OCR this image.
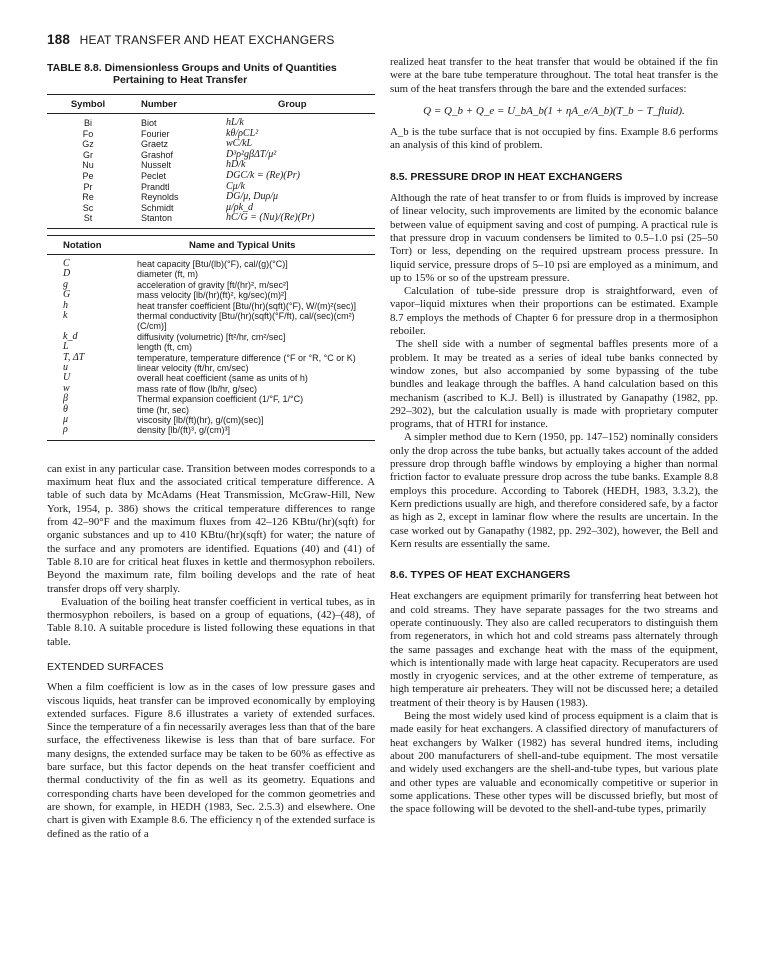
188 HEAT TRANSFER AND HEAT EXCHANGERS
TABLE 8.8. Dimensionless Groups and Units of Quantities
Pertaining to Heat Transfer
Symbol	Number	Group
Bi	Biot	hL/k
Fo	Fourier	kθ/ρCL²
Gz	Graetz	wC/kL
Gr	Grashof	D³ρ²gβΔT/μ²
Nu	Nusselt	hD/k
Pe	Peclet	DGC/k = (Re)(Pr)
Pr	Prandtl	Cμ/k
Re	Reynolds	DG/μ, Duρ/μ
Sc	Schmidt	μ/ρk_d
St	Stanton	hC/G = (Nu)/(Re)(Pr)
Notation	Name and Typical Units
C	heat capacity [Btu/(lb)(°F), cal/(g)(°C)]
D	diameter (ft, m)
g	acceleration of gravity [ft/(hr)², m/sec²]
G	mass velocity [lb/(hr)(ft)², kg/sec)(m)²]
h	heat transfer coefficient [Btu/(hr)(sqft)(°F), W/(m)²(sec)]
k	thermal conductivity [Btu/(hr)(sqft)(°F/ft), cal/(sec)(cm²)(C/cm)]
k_d	diffusivity (volumetric) [ft²/hr, cm²/sec]
L	length (ft, cm)
T, ΔT	temperature, temperature difference (°F or °R, °C or K)
u	linear velocity (ft/hr, cm/sec)
U	overall heat coefficient (same as units of h)
w	mass rate of flow (lb/hr, g/sec)
β	Thermal expansion coefficient (1/°F, 1/°C)
θ	time (hr, sec)
μ	viscosity [lb/(ft)(hr), g/(cm)(sec)]
ρ	density [lb/(ft)³, g/(cm)³]

can exist in any particular case. Transition between modes corresponds to a maximum heat flux and the associated critical temperature difference. A table of such data by McAdams (Heat Transmission, McGraw-Hill, New York, 1954, p. 386) shows the critical temperature differences to range from 42–90°F and the maximum fluxes from 42–126 KBtu/(hr)(sqft) for organic substances and up to 410 KBtu/(hr)(sqft) for water; the nature of the surface and any promoters are identified. Equations (40) and (41) of Table 8.10 are for critical heat fluxes in kettle and thermosyphon reboilers. Beyond the maximum rate, film boiling develops and the rate of heat transfer drops off very sharply.

Evaluation of the boiling heat transfer coefficient in vertical tubes, as in thermosyphon reboilers, is based on a group of equations, (42)–(48), of Table 8.10. A suitable procedure is listed following these equations in that table.

EXTENDED SURFACES

When a film coefficient is low as in the cases of low pressure gases and viscous liquids, heat transfer can be improved economically by employing extended surfaces. Figure 8.6 illustrates a variety of extended surfaces. Since the temperature of a fin necessarily averages less than that of the bare surface, the effectiveness likewise is less than that of bare surface. For many designs, the extended surface may be taken to be 60% as effective as bare surface, but this factor depends on the heat transfer coefficient and thermal conductivity of the fin as well as its geometry. Equations and corresponding charts have been developed for the common geometries and are shown, for example, in HEDH (1983, Sec. 2.5.3) and elsewhere. One chart is given with Example 8.6. The efficiency η of the extended surface is defined as the ratio of a

realized heat transfer to the heat transfer that would be obtained if the fin were at the bare tube temperature throughout. The total heat transfer is the sum of the heat transfers through the bare and the extended surfaces:

Q = Q_b + Q_e = U_bA_b(1 + ηA_e/A_b)(T_b − T_fluid).

A_b is the tube surface that is not occupied by fins. Example 8.6 performs an analysis of this kind of problem.

8.5. PRESSURE DROP IN HEAT EXCHANGERS

Although the rate of heat transfer to or from fluids is improved by increase of linear velocity, such improvements are limited by the economic balance between value of equipment saving and cost of pumping. A practical rule is that pressure drop in vacuum condensers be limited to 0.5–1.0 psi (25–50 Torr) or less, depending on the required upstream process pressure. In liquid service, pressure drops of 5–10 psi are employed as a minimum, and up to 15% or so of the upstream pressure.

Calculation of tube-side pressure drop is straightforward, even of vapor–liquid mixtures when their proportions can be estimated. Example 8.7 employs the methods of Chapter 6 for pressure drop in a thermosiphon reboiler.

The shell side with a number of segmental baffles presents more of a problem. It may be treated as a series of ideal tube banks connected by window zones, but also accompanied by some bypassing of the tube bundles and leakage through the baffles. A hand calculation based on this mechanism (ascribed to K.J. Bell) is illustrated by Ganapathy (1982, pp. 292–302), but the calculation usually is made with proprietary computer programs, that of HTRI for instance.

A simpler method due to Kern (1950, pp. 147–152) nominally considers only the drop across the tube banks, but actually takes account of the added pressure drop through baffle windows by employing a higher than normal friction factor to evaluate pressure drop across the tube banks. Example 8.8 employs this procedure. According to Taborek (HEDH, 1983, 3.3.2), the Kern predictions usually are high, and therefore considered safe, by a factor as high as 2, except in laminar flow where the results are uncertain. In the case worked out by Ganapathy (1982, pp. 292–302), however, the Bell and Kern results are essentially the same.

8.6. TYPES OF HEAT EXCHANGERS

Heat exchangers are equipment primarily for transferring heat between hot and cold streams. They have separate passages for the two streams and operate continuously. They also are called recuperators to distinguish them from regenerators, in which hot and cold streams pass alternately through the same passages and exchange heat with the mass of the equipment, which is intentionally made with large heat capacity. Recuperators are used mostly in cryogenic services, and at the other extreme of temperature, as high temperature air preheaters. They will not be discussed here; a detailed treatment of their theory is by Hausen (1983).

Being the most widely used kind of process equipment is a claim that is made easily for heat exchangers. A classified directory of manufacturers of heat exchangers by Walker (1982) has several hundred items, including about 200 manufacturers of shell-and-tube equipment. The most versatile and widely used exchangers are the shell-and-tube types, but various plate and other types are valuable and economically competitive or superior in some applications. These other types will be discussed briefly, but most of the space following will be devoted to the shell-and-tube types, primarily
